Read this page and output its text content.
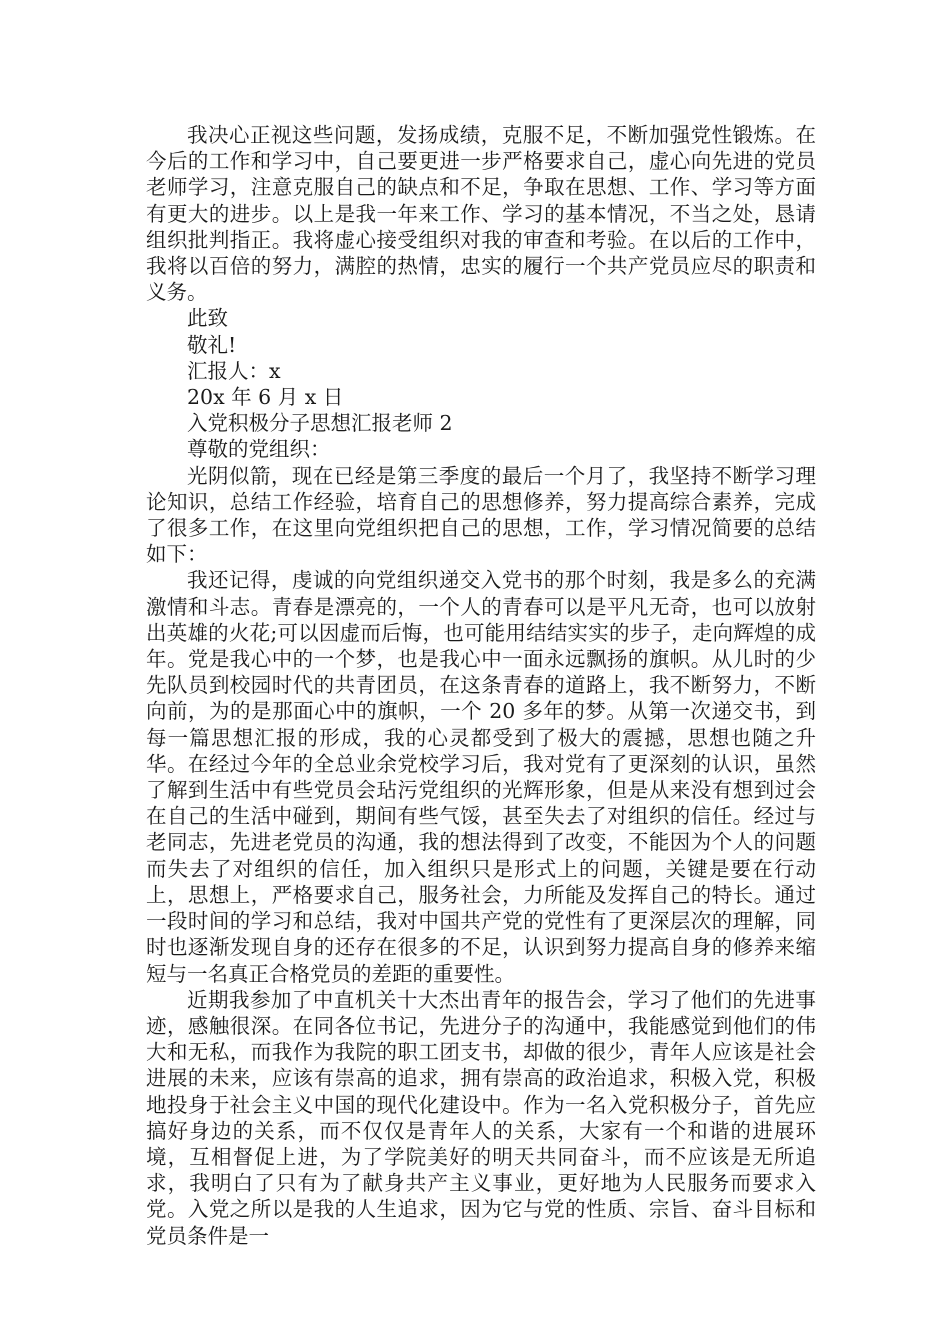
我决心正视这些问题，发扬成绩，克服不足，不断加强党性锻炼。在今后的工作和学习中，自己要更进一步严格要求自己，虚心向先进的党员老师学习，注意克服自己的缺点和不足，争取在思想、工作、学习等方面有更大的进步。以上是我一年来工作、学习的基本情况，不当之处，恳请组织批判指正。我将虚心接受组织对我的审查和考验。在以后的工作中，我将以百倍的努力，满腔的热情，忠实的履行一个共产党员应尽的职责和义务。

此致

敬礼!

汇报人：x

20x 年 6 月 x 日

入党积极分子思想汇报老师 2

尊敬的党组织：

光阴似箭，现在已经是第三季度的最后一个月了，我坚持不断学习理论知识，总结工作经验，培育自己的思想修养，努力提高综合素养，完成了很多工作，在这里向党组织把自己的思想，工作，学习情况简要的总结如下：

我还记得，虔诚的向党组织递交入党书的那个时刻，我是多么的充满激情和斗志。青春是漂亮的，一个人的青春可以是平凡无奇，也可以放射出英雄的火花;可以因虚而后悔，也可能用结结实实的步子，走向辉煌的成年。党是我心中的一个梦，也是我心中一面永远飘扬的旗帜。从儿时的少先队员到校园时代的共青团员，在这条青春的道路上，我不断努力，不断向前，为的是那面心中的旗帜，一个 20 多年的梦。从第一次递交书，到每一篇思想汇报的形成，我的心灵都受到了极大的震撼，思想也随之升华。在经过今年的全总业余党校学习后，我对党有了更深刻的认识，虽然了解到生活中有些党员会玷污党组织的光辉形象，但是从来没有想到过会在自己的生活中碰到，期间有些气馁，甚至失去了对组织的信任。经过与老同志，先进老党员的沟通，我的想法得到了改变，不能因为个人的问题而失去了对组织的信任，加入组织只是形式上的问题，关键是要在行动上，思想上，严格要求自己，服务社会，力所能及发挥自己的特长。通过一段时间的学习和总结，我对中国共产党的党性有了更深层次的理解，同时也逐渐发现自身的还存在很多的不足，认识到努力提高自身的修养来缩短与一名真正合格党员的差距的重要性。

近期我参加了中直机关十大杰出青年的报告会，学习了他们的先进事迹，感触很深。在同各位书记，先进分子的沟通中，我能感觉到他们的伟大和无私，而我作为我院的职工团支书，却做的很少，青年人应该是社会进展的未来，应该有崇高的追求，拥有崇高的政治追求，积极入党，积极地投身于社会主义中国的现代化建设中。作为一名入党积极分子，首先应搞好身边的关系，而不仅仅是青年人的关系，大家有一个和谐的进展环境，互相督促上进，为了学院美好的明天共同奋斗，而不应该是无所追求，我明白了只有为了献身共产主义事业，更好地为人民服务而要求入党。入党之所以是我的人生追求，因为它与党的性质、宗旨、奋斗目标和党员条件是一
